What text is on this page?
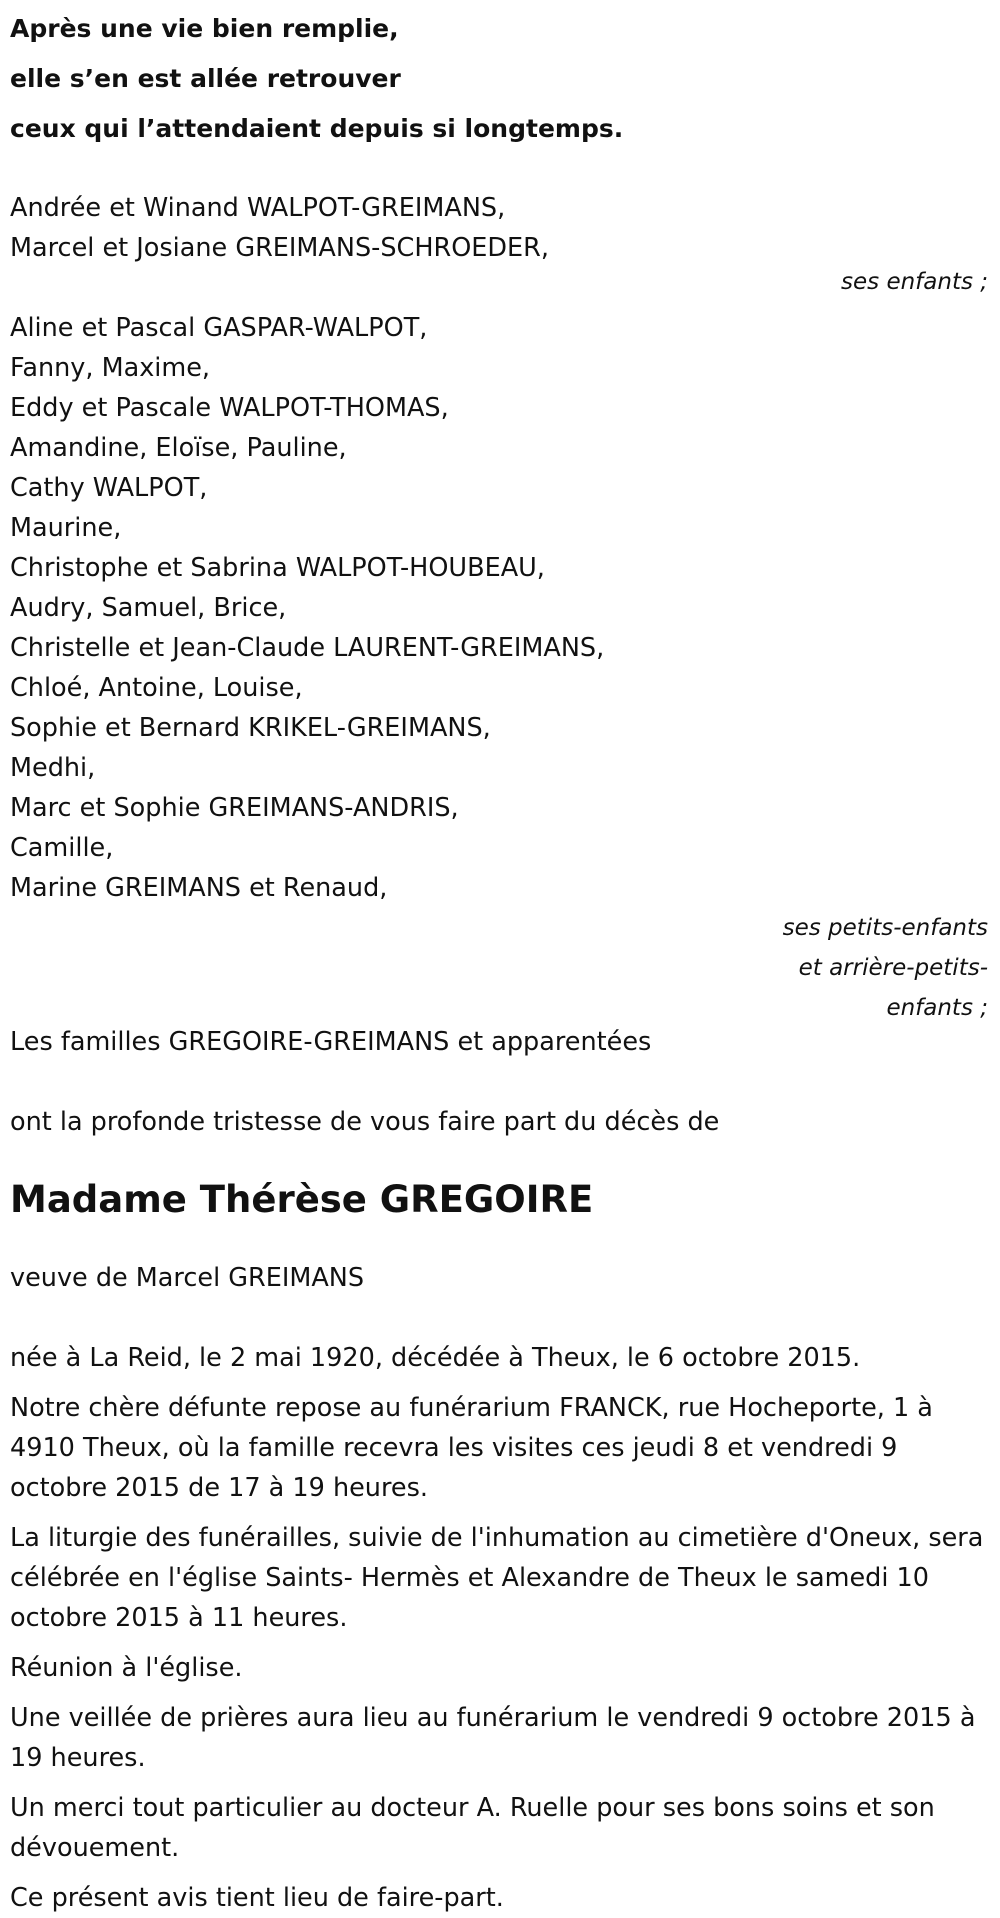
Après une vie bien remplie,
elle s’en est allée retrouver
ceux qui l’attendaient depuis si longtemps.
Andrée et Winand WALPOT-GREIMANS,
Marcel et Josiane GREIMANS-SCHROEDER,
ses enfants ;
Aline et Pascal GASPAR-WALPOT,
Fanny, Maxime,
Eddy et Pascale WALPOT-THOMAS,
Amandine, Eloïse, Pauline,
Cathy WALPOT,
Maurine,
Christophe et Sabrina WALPOT-HOUBEAU,
Audry, Samuel, Brice,
Christelle et Jean-Claude LAURENT-GREIMANS,
Chloé, Antoine, Louise,
Sophie et Bernard KRIKEL-GREIMANS,
Medhi,
Marc et Sophie GREIMANS-ANDRIS,
Camille,
Marine GREIMANS et Renaud,
ses petits-enfants
et arrière-petits-
enfants ;
Les familles GREGOIRE-GREIMANS et apparentées
ont la profonde tristesse de vous faire part du décès de
Madame Thérèse GREGOIRE
veuve de Marcel GREIMANS

née à La Reid, le 2 mai 1920, décédée à Theux, le 6 octobre 2015.

Notre chère défunte repose au funérarium FRANCK, rue Hocheporte, 1 à 4910 Theux, où la famille recevra les visites ces jeudi 8 et vendredi 9 octobre 2015 de 17 à 19 heures.

La liturgie des funérailles, suivie de l'inhumation au cimetière d'Oneux, sera célébrée en l'église Saints- Hermès et Alexandre de Theux le samedi 10 octobre 2015 à 11 heures.

Réunion à l'église.

Une veillée de prières aura lieu au funérarium le vendredi 9 octobre 2015 à 19 heures.

Un merci tout particulier au docteur A. Ruelle pour ses bons soins et son dévouement.

Ce présent avis tient lieu de faire-part.
